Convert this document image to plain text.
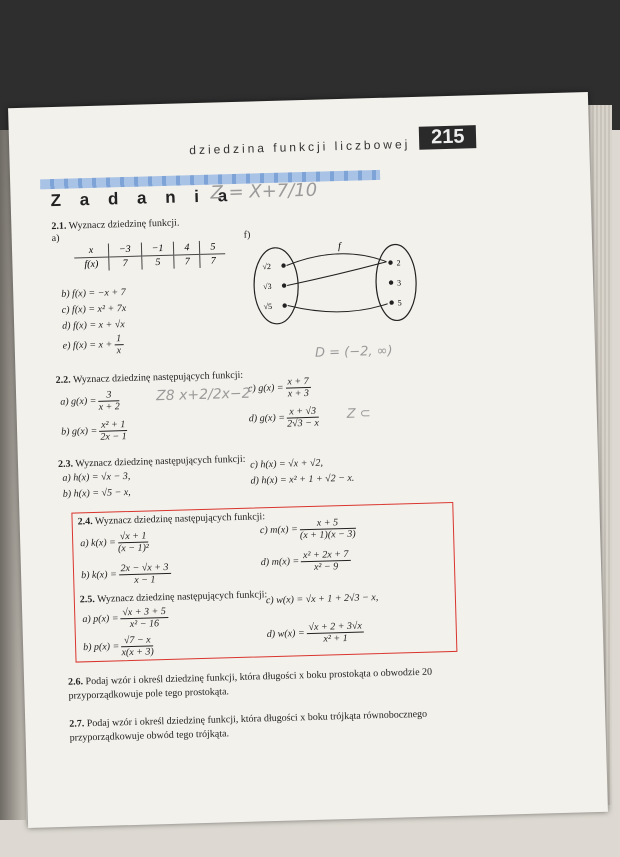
dziedzina funkcji liczbowej	215
Z a d a n i a
Z = X+7/10
2.1. Wyznacz dziedzinę funkcji.
a)
x	−3	−1	4	5
f(x)	7	5	7	7
b) f(x) = −x + 7
c) f(x) = x² + 7x
d) f(x) = x + √x
e) $f(x) = x + \frac{1}{x}$
f)
√2
√3
√5
2
3
5
f
D = (−2, ∞)
2.2. Wyznacz dziedzinę następujących funkcji:
a) $g(x) = \frac{3}{x + 2}$
b) $g(x) = \frac{\text{x² + 1}}{2x - 1}$
c) $g(x) = \frac{x + 7}{x + 3}$
d) $g(x) = \frac{x + √3}{2√3 - x}$
Z8 x+2/2x−2
Z ⊂
2.3. Wyznacz dziedzinę następujących funkcji:
a) h(x) = √x − 3,
b) h(x) = √5 − x,
c) h(x) = √x + √2,
d) h(x) = x² + 1 + √2 − x.
2.4. Wyznacz dziedzinę następujących funkcji:
a) $k(x) = \frac{√x + 1}{\text{(x − 1)²}}$
b) $k(x) = \frac{2x - √x + 3}{x - 1}$
c) $m(x) = \frac{x + 5}{(x + 1)(x - 3)}$
d) $m(x) = \frac{\text{x² + 2x + 7}}{\text{x² − 9}}$
2.5. Wyznacz dziedzinę następujących funkcji:
a) $p(x) = \frac{√x + 3 + 5}{\text{x² − 16}}$
b) $p(x) = \frac{√7 - x}{x(x + 3)}$
c) w(x) = √x + 1 + 2√3 − x,
d) $w(x) = \frac{√x + 2 + 3√x}{\text{x² + 1}}$
2.6. Podaj wzór i określ dziedzinę funkcji, która długości x boku prostokąta o obwodzie 20
przyporządkowuje pole tego prostokąta.
2.7. Podaj wzór i określ dziedzinę funkcji, która długości x boku trójkąta równobocznego
przyporządkowuje obwód tego trójkąta.
